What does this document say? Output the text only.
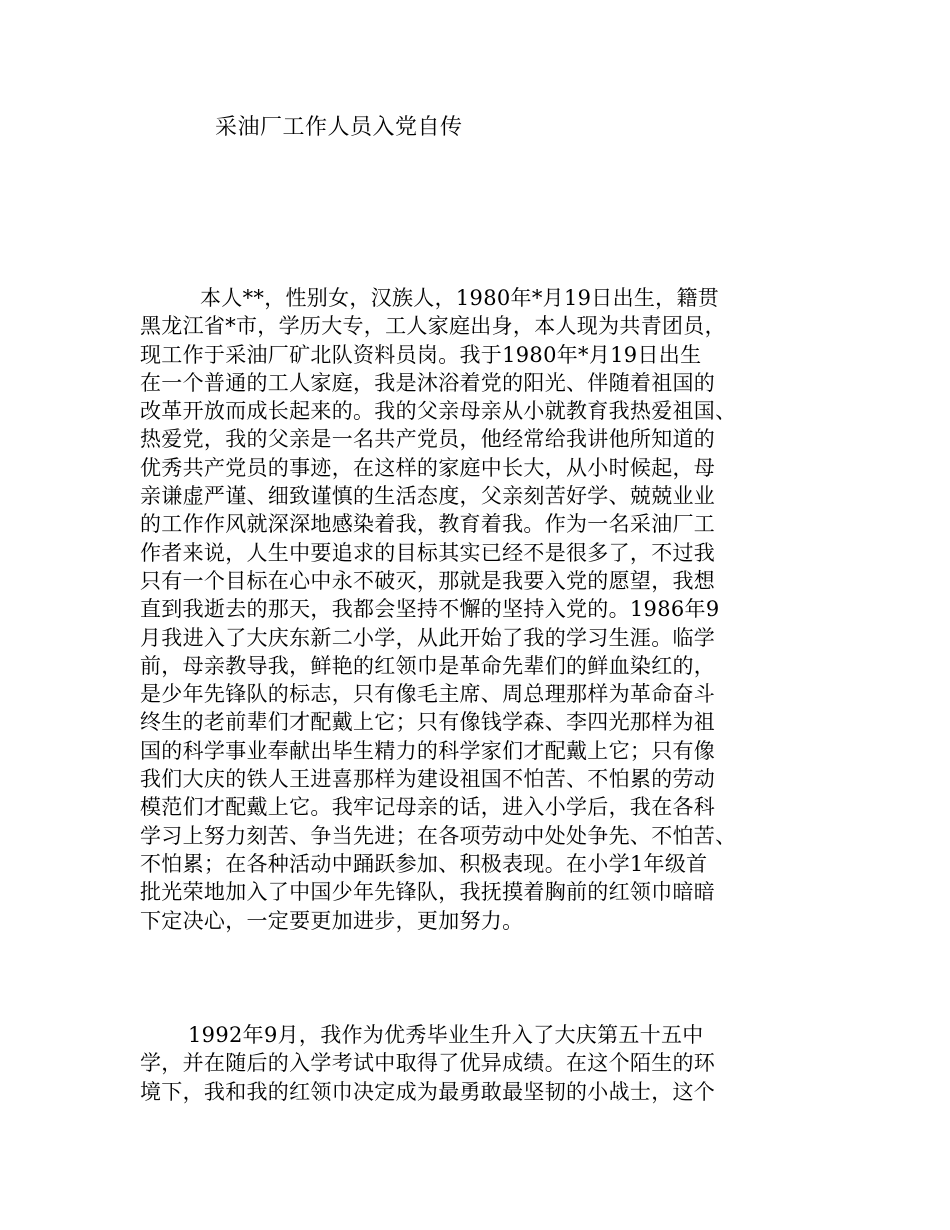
采油厂工作人员入党自传
本人**，性别女，汉族人，1980年*月19日出生，籍贯
黑龙江省*市，学历大专，工人家庭出身，本人现为共青团员，
现工作于采油厂矿北队资料员岗。我于1980年*月19日出生
在一个普通的工人家庭，我是沐浴着党的阳光、伴随着祖国的
改革开放而成长起来的。我的父亲母亲从小就教育我热爱祖国、
热爱党，我的父亲是一名共产党员，他经常给我讲他所知道的
优秀共产党员的事迹，在这样的家庭中长大，从小时候起，母
亲谦虚严谨、细致谨慎的生活态度，父亲刻苦好学、兢兢业业
的工作作风就深深地感染着我，教育着我。作为一名采油厂工
作者来说，人生中要追求的目标其实已经不是很多了，不过我
只有一个目标在心中永不破灭，那就是我要入党的愿望，我想
直到我逝去的那天，我都会坚持不懈的坚持入党的。1986年9
月我进入了大庆东新二小学，从此开始了我的学习生涯。临学
前，母亲教导我，鲜艳的红领巾是革命先辈们的鲜血染红的，
是少年先锋队的标志，只有像毛主席、周总理那样为革命奋斗
终生的老前辈们才配戴上它；只有像钱学森、李四光那样为祖
国的科学事业奉献出毕生精力的科学家们才配戴上它；只有像
我们大庆的铁人王进喜那样为建设祖国不怕苦、不怕累的劳动
模范们才配戴上它。我牢记母亲的话，进入小学后，我在各科
学习上努力刻苦、争当先进；在各项劳动中处处争先、不怕苦、
不怕累；在各种活动中踊跃参加、积极表现。在小学1年级首
批光荣地加入了中国少年先锋队，我抚摸着胸前的红领巾暗暗
下定决心，一定要更加进步，更加努力。
1992年9月，我作为优秀毕业生升入了大庆第五十五中
学，并在随后的入学考试中取得了优异成绩。在这个陌生的环
境下，我和我的红领巾决定成为最勇敢最坚韧的小战士，这个
